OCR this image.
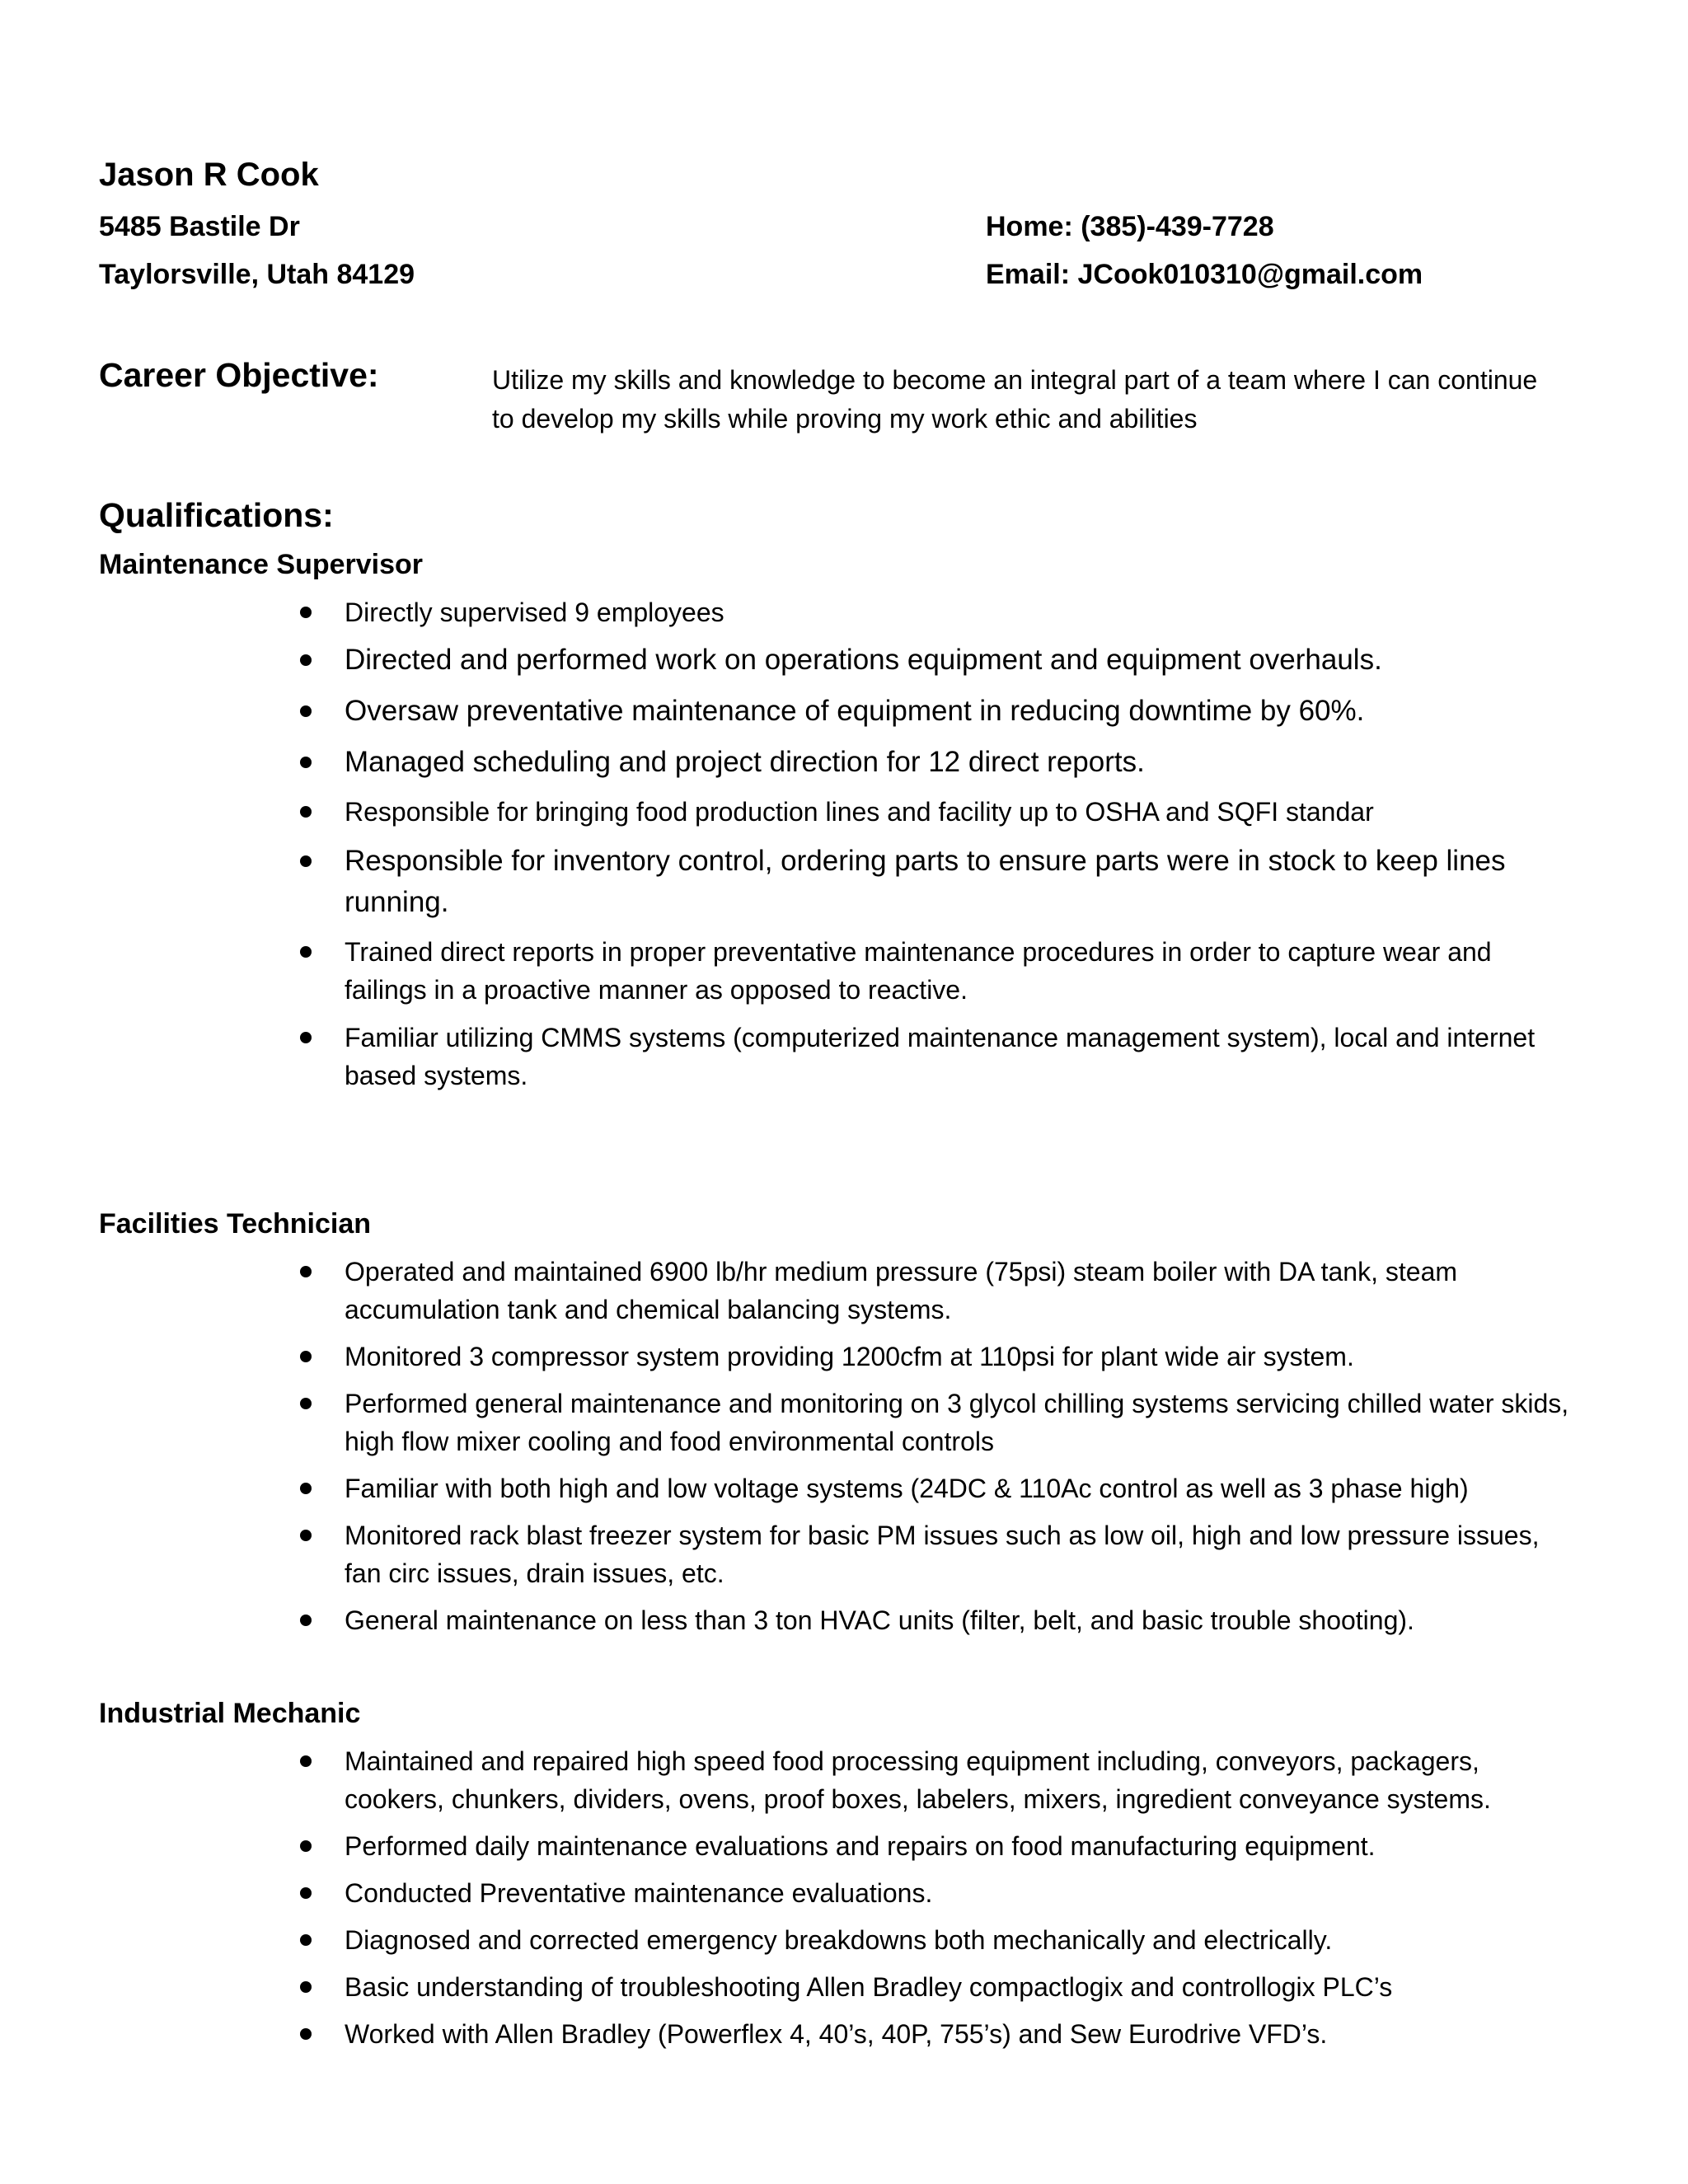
Jason R Cook
5485 Bastile Dr
Taylorsville, Utah 84129
Home: (385)-439-7728
Email: JCook010310@gmail.com
Career Objective:	Utilize my skills and knowledge to become an integral part of a team where I can continue to develop my skills while proving my work ethic and abilities
Qualifications:
Maintenance Supervisor
Directly supervised 9 employees
Directed and performed work on operations equipment and equipment overhauls.
Oversaw preventative maintenance of equipment in reducing downtime by 60%.
Managed scheduling and project direction for 12 direct reports.
Responsible for bringing food production lines and facility up to OSHA and SQFI standar
Responsible for inventory control, ordering parts to ensure parts were in stock to keep lines running.
Trained direct reports in proper preventative maintenance procedures in order to capture wear and failings in a proactive manner as opposed to reactive.
Familiar utilizing CMMS systems (computerized maintenance management system), local and internet based systems.
Facilities Technician
Operated and maintained 6900 lb/hr medium pressure (75psi) steam boiler with DA tank, steam accumulation tank and chemical balancing systems.
Monitored 3 compressor system providing 1200cfm at 110psi for plant wide air system.
Performed general maintenance and monitoring on 3 glycol chilling systems servicing chilled water skids, high flow mixer cooling and food environmental controls
Familiar with both high and low voltage systems (24DC & 110Ac control as well as 3 phase high)
Monitored rack blast freezer system for basic PM issues such as low oil, high and low pressure issues, fan circ issues, drain issues, etc.
General maintenance on less than 3 ton HVAC units (filter, belt, and basic trouble shooting).
Industrial Mechanic
Maintained and repaired high speed food processing equipment including, conveyors, packagers, cookers, chunkers, dividers, ovens, proof boxes, labelers, mixers, ingredient conveyance systems.
Performed daily maintenance evaluations and repairs on food manufacturing equipment.
Conducted Preventative maintenance evaluations.
Diagnosed and corrected emergency breakdowns both mechanically and electrically.
Basic understanding of troubleshooting Allen Bradley compactlogix and controllogix PLC’s
Worked with Allen Bradley (Powerflex 4, 40’s, 40P, 755’s) and Sew Eurodrive VFD’s.
